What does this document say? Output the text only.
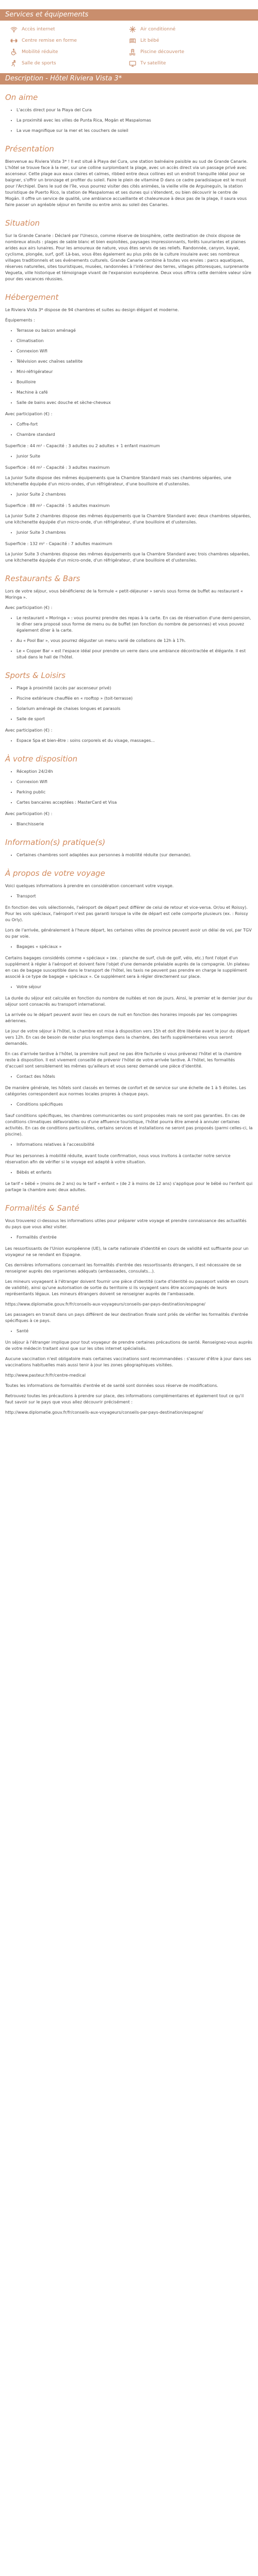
Services et équipements
Accès internet	Air conditionné
Centre remise en forme	Lit bébé
Mobilité réduite	Piscine découverte
Salle de sports	Tv satellite
Description - Hôtel Riviera Vista 3*
On aime
• L'accès direct pour la Playa del Cura
• La proximité avec les villes de Punta Rica, Mogán et Maspalomas
• La vue magnifique sur la mer et les couchers de soleil
Présentation

Bienvenue au Riviera Vista 3* ! Il est situé à Playa del Cura, une station balnéaire paisible au sud de Grande Canarie. L'hôtel se trouve face à la mer, sur une colline surplombant la plage, avec un accès direct via un passage privé avec ascenseur. Cette plage aux eaux claires et calmes, ribbed entre deux collines est un endroit tranquille idéal pour se baigner, s'offrir un bronzage et profiter du soleil. Faire le plein de vitamine D dans ce cadre paradisiaque est le must pour l'Archipel. Dans le sud de l'île, vous pourrez visiter des cités animées, la vieille ville de Arguineguín, la station touristique de Puerto Rico, la station de Maspalomas et ses dunes qui s'étendent, ou bien découvrir le centre de Mogán. Il offre un service de qualité, une ambiance accueillante et chaleureuse à deux pas de la plage, il saura vous faire passer un agréable séjour en famille ou entre amis au soleil des Canaries.

Situation

Sur la Grande Canarie : Déclaré par l'Unesco, comme réserve de biosphère, cette destination de choix dispose de nombreux atouts : plages de sable blanc et bien exploitées, paysages impressionnants, forêts luxuriantes et plaines arides aux airs lunaires. Pour les amoureux de nature, vous êtes servis de ses reliefs. Randonnée, canyon, kayak, cyclisme, plongée, surf, golf. Là-bas, vous êtes également au plus près de la culture insulaire avec ses nombreux villages traditionnels et ses événements culturels. Grande Canarie combine à toutes vos envies : parcs aquatiques, réserves naturelles, sites touristiques, musées, randonnées à l'intérieur des terres, villages pittoresques, surprenante Vegueta, ville historique et témoignage vivant de l'expansion européenne. Deux vous offrira cette dernière valeur sûre pour des vacances réussies.

Hébergement

Le Riviera Vista 3* dispose de 94 chambres et suites au design élégant et moderne.

Équipements :

• Terrasse ou balcon aménagé
• Climatisation
• Connexion Wifi
• Télévision avec chaînes satellite
• Mini-réfrigérateur
• Bouilloire
• Machine à café
• Salle de bains avec douche et sèche-cheveux

Avec participation (€) :

• Coffre-fort
• Chambre standard

Superficie : 44 m² - Capacité : 3 adultes ou 2 adultes + 1 enfant maximum

• Junior Suite

Superficie : 44 m² - Capacité : 3 adultes maximum

La Junior Suite dispose des mêmes équipements que la Chambre Standard mais ses chambres séparées, une kitchenette équipée d'un micro-ondes, d'un réfrigérateur, d'une bouilloire et d'ustensiles.

• Junior Suite 2 chambres

Superficie : 88 m² - Capacité : 5 adultes maximum

La Junior Suite 2 chambres dispose des mêmes équipements que la Chambre Standard avec deux chambres séparées, une kitchenette équipée d'un micro-onde, d'un réfrigérateur, d'une bouilloire et d'ustensiles.

• Junior Suite 3 chambres

Superficie : 132 m² - Capacité : 7 adultes maximum

La Junior Suite 3 chambres dispose des mêmes équipements que la Chambre Standard avec trois chambres séparées, une kitchenette équipée d'un micro-onde, d'un réfrigérateur, d'une bouilloire et d'ustensiles.

Restaurants & Bars

Lors de votre séjour, vous bénéficierez de la formule « petit-déjeuner » servis sous forme de buffet au restaurant « Moringa ».

Avec participation (€) :

• Le restaurant « Moringa » : vous pourrez prendre des repas à la carte. En cas de réservation d'une demi-pension, le dîner sera proposé sous forme de menu ou de buffet (en fonction du nombre de personnes) et vous pouvez également dîner à la carte.
• Au « Pool Bar », vous pourrez déguster un menu varié de collations de 12h à 17h.
• Le « Copper Bar » est l'espace idéal pour prendre un verre dans une ambiance décontractée et élégante. Il est situé dans le hall de l'hôtel.
Sports & Loisirs
• Plage à proximité (accès par ascenseur privé)
• Piscine extérieure chauffée en « rooftop » (toit-terrasse)
• Solarium aménagé de chaises longues et parasols
• Salle de sport

Avec participation (€) :

• Espace Spa et bien-être : soins corporels et du visage, massages...
À votre disposition
• Réception 24/24h
• Connexion Wifi
• Parking public
• Cartes bancaires acceptées : MasterCard et Visa

Avec participation (€) :

• Blanchisserie
Information(s) pratique(s)
• Certaines chambres sont adaptées aux personnes à mobilité réduite (sur demande).
À propos de votre voyage

Voici quelques informations à prendre en considération concernant votre voyage.

• Transport

En fonction des vols sélectionnés, l'aéroport de départ peut différer de celui de retour et vice-versa. Or/ou et Roissy). Pour les vols spéciaux, l'aéroport n'est pas garanti lorsque la ville de départ est celle comporte plusieurs (ex. : Roissy ou Orly).

Lors de l'arrivée, généralement à l'heure départ, les certaines villes de province peuvent avoir un délai de vol, par TGV ou par voie.

• Bagages « spéciaux »

Certains bagages considérés comme « spéciaux » (ex. : planche de surf, club de golf, vélo, etc.) font l'objet d'un supplément à régler à l'aéroport et doivent faire l'objet d'une demande préalable auprès de la compagnie. Un plateau en cas de bagage susceptible dans le transport de l'hôtel, les taxis ne peuvent pas prendre en charge le supplément associé à ce type de bagage « spéciaux ». Ce supplément sera à régler directement sur place.

• Votre séjour

La durée du séjour est calculée en fonction du nombre de nuitées et non de jours. Ainsi, le premier et le dernier jour du séjour sont consacrés au transport international.

La arrivée ou le départ peuvent avoir lieu en cours de nuit en fonction des horaires imposés par les compagnies aériennes.

Le jour de votre séjour à l'hôtel, la chambre est mise à disposition vers 15h et doit être libérée avant le jour du départ vers 12h. En cas de besoin de rester plus longtemps dans la chambre, des tarifs supplémentaires vous seront demandés.

En cas d'arrivée tardive à l'hôtel, la première nuit peut ne pas être facturée si vous prévenez l'hôtel et la chambre reste à disposition. Il est vivement conseillé de prévenir l'hôtel de votre arrivée tardive. À l'hôtel, les formalités d'accueil sont sensiblement les mêmes qu'ailleurs et vous serez demandé une pièce d'identité.

• Contact des hôtels

De manière générale, les hôtels sont classés en termes de confort et de service sur une échelle de 1 à 5 étoiles. Les catégories correspondent aux normes locales propres à chaque pays.

• Conditions spécifiques

Sauf conditions spécifiques, les chambres communicantes ou sont proposées mais ne sont pas garanties. En cas de conditions climatiques défavorables ou d'une affluence touristique, l'hôtel pourra être amené à annuler certaines activités. En cas de conditions particulières, certains services et installations ne seront pas proposés (parmi celles-ci, la piscine).

• Informations relatives à l'accessibilité

Pour les personnes à mobilité réduite, avant toute confirmation, nous vous invitons à contacter notre service réservation afin de vérifier si le voyage est adapté à votre situation.

• Bébés et enfants

Le tarif « bébé » (moins de 2 ans) ou le tarif « enfant » (de 2 à moins de 12 ans) s'applique pour le bébé ou l'enfant qui partage la chambre avec deux adultes.

Formalités & Santé

Vous trouverez ci-dessous les informations utiles pour préparer votre voyage et prendre connaissance des actualités du pays que vous allez visiter.

• Formalités d'entrée

Les ressortissants de l'Union européenne (UE), la carte nationale d'identité en cours de validité est suffisante pour un voyageur ne se rendant en Espagne.

Ces dernières informations concernant les formalités d'entrée des ressortissants étrangers, il est nécessaire de se renseigner auprès des organismes adéquats (ambassades, consulats...).

Les mineurs voyageant à l'étranger doivent fournir une pièce d'identité (carte d'identité ou passeport valide en cours de validité), ainsi qu'une autorisation de sortie du territoire si ils voyagent sans être accompagnés de leurs représentants légaux. Les mineurs étrangers doivent se renseigner auprès de l'ambassade.

https://www.diplomatie.gouv.fr/fr/conseils-aux-voyageurs/conseils-par-pays-destination/espagne/

Les passagers en transit dans un pays différent de leur destination finale sont priés de vérifier les formalités d'entrée spécifiques à ce pays.

• Santé

Un séjour à l'étranger implique pour tout voyageur de prendre certaines précautions de santé. Renseignez-vous auprès de votre médecin traitant ainsi que sur les sites internet spécialisés.

Aucune vaccination n'est obligatoire mais certaines vaccinations sont recommandées : s'assurer d'être à jour dans ses vaccinations habituelles mais aussi tenir à jour les zones géographiques visitées.

http://www.pasteur.fr/fr/centre-medical

Toutes les informations de formalités d'entrée et de santé sont données sous réserve de modifications.

Retrouvez toutes les précautions à prendre sur place, des informations complémentaires et également tout ce qu'il faut savoir sur le pays que vous allez découvrir précisément :

http://www.diplomatie.gouv.fr/fr/conseils-aux-voyageurs/conseils-par-pays-destination/espagne/
